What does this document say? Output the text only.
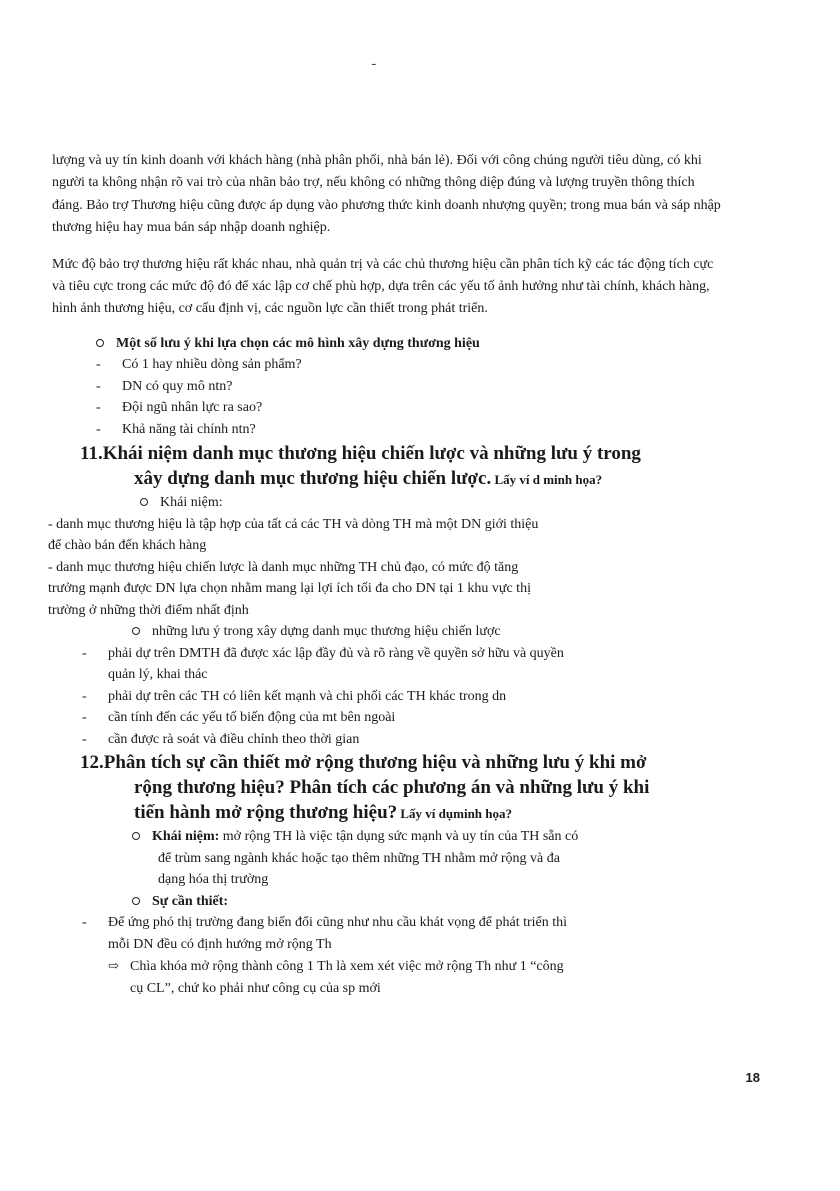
ـ

lượng và uy tín kinh doanh với khách hàng (nhà phân phối, nhà bán lẻ). Đối với công chúng người tiêu dùng, có khi người ta không nhận rõ vai trò của nhãn bảo trợ, nếu không có những thông diệp đúng và lượng truyền thông thích đáng. Bảo trợ Thương hiệu cũng được áp dụng vào phương thức kinh doanh nhượng quyền; trong mua bán và sáp nhập thương hiệu hay mua bán sáp nhập doanh nghiệp.

Mức độ bảo trợ thương hiệu rất khác nhau, nhà quản trị và các chủ thương hiệu cần phân tích kỹ các tác động tích cực và tiêu cực trong các mức độ đó để xác lập cơ chế phù hợp, dựa trên các yếu tố ảnh hưởng như tài chính, khách hàng, hình ảnh thương hiệu, cơ cấu định vị, các nguồn lực cần thiết trong phát triển.

Một số lưu ý khi lựa chọn các mô hình xây dựng thương hiệu
- Có 1 hay nhiều dòng sản phẩm?
- DN có quy mô ntn?
- Đội ngũ nhân lực ra sao?
- Khả năng tài chính ntn?
11.Khái niệm danh mục thương hiệu chiến lược và những lưu ý trong
xây dựng danh mục thương hiệu chiến lược. Lấy ví d minh họa?
Khái niệm:
- danh mục thương hiệu là tập hợp của tất cả các TH và dòng TH mà một DN giới thiệu
để chào bán đến khách hàng
- danh mục thương hiệu chiến lược là danh mục những TH chủ đạo, có mức độ tăng
trưởng mạnh được DN lựa chọn nhằm mang lại lợi ích tối đa cho DN tại 1 khu vực thị
trường ở những thời điểm nhất định
những lưu ý trong xây dựng danh mục thương hiệu chiến lược
- phải dự trên DMTH đã được xác lập đầy đủ và rõ ràng về quyền sở hữu và quyền
quản lý, khai thác
- phải dự trên các TH có liên kết mạnh và chi phối các TH khác trong dn
- cần tính đến các yếu tố biến động của mt bên ngoài
- cần được rà soát và điều chỉnh theo thời gian
12.Phân tích sự cần thiết mở rộng thương hiệu và những lưu ý khi mở
rộng thương hiệu? Phân tích các phương án và những lưu ý khi
tiến hành mở rộng thương hiệu? Lấy ví dụminh họa?
Khái niệm: mở rộng TH là việc tận dụng sức mạnh và uy tín của TH sẵn có
để trùm sang ngành khác hoặc tạo thêm những TH nhằm mở rộng và đa
dạng hóa thị trường
Sự cần thiết:
- Để ứng phó thị trường đang biến đổi cũng như nhu cầu khát vọng để phát triển thì
mỗi DN đều có định hướng mở rộng Th
⇨ Chìa khóa mở rộng thành công 1 Th là xem xét việc mở rộng Th như 1 “công
cụ CL”, chứ ko phải như công cụ của sp mới
18
